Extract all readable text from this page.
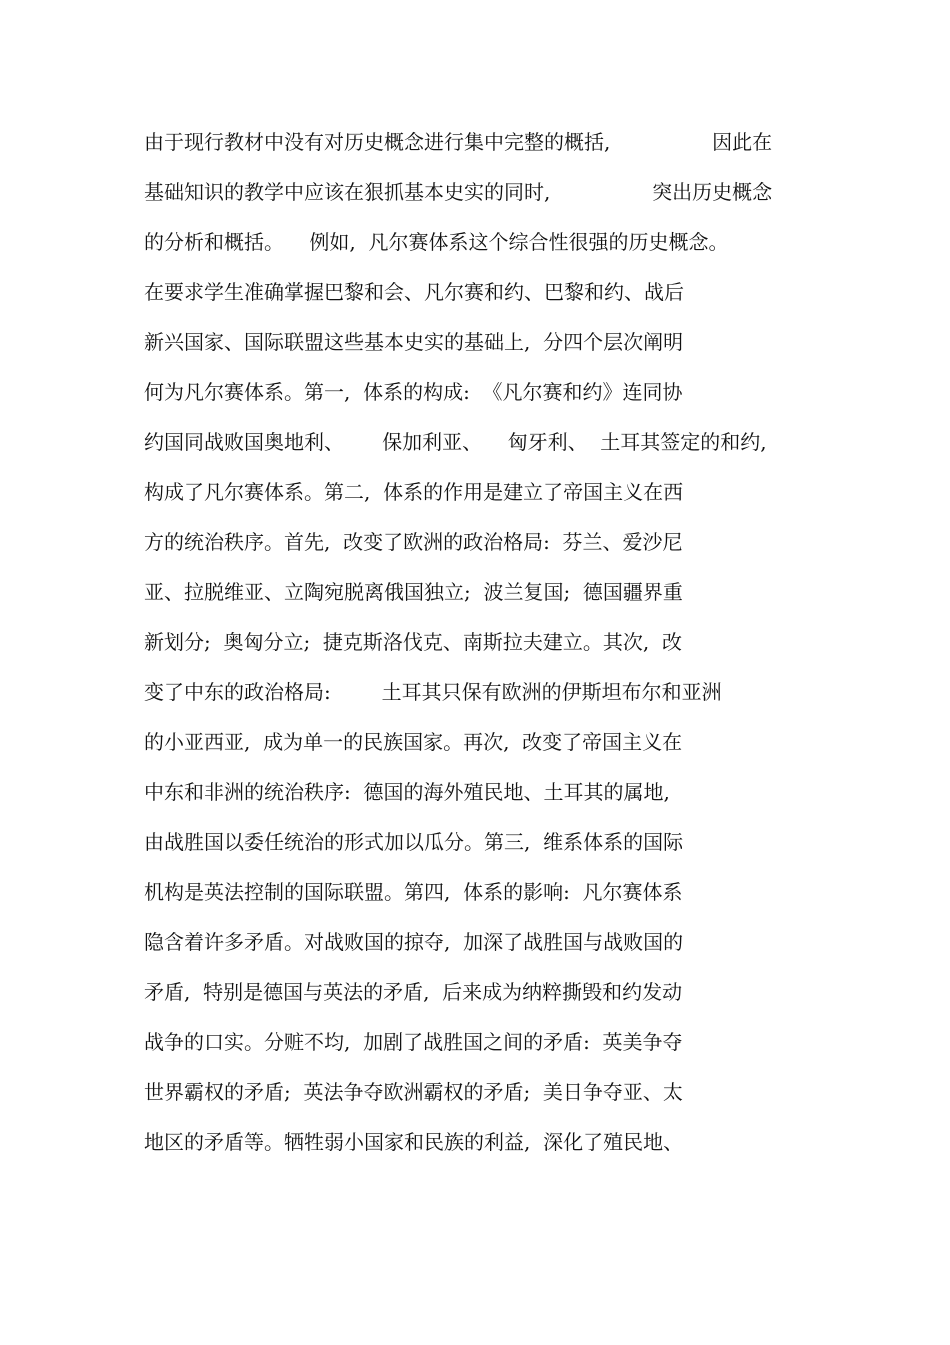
由于现行教材中没有对历史概念进行集中完整的概括,                因此在
基础知识的教学中应该在狠抓基本史实的同时,                突出历史概念
的分析和概括。    例如,  凡尔赛体系这个综合性很强的历史概念。
在要求学生准确掌握巴黎和会、凡尔赛和约、巴黎和约、战后
新兴国家、国际联盟这些基本史实的基础上,  分四个层次阐明
何为凡尔赛体系。第一,  体系的构成:  《凡尔赛和约》连同协
约国同战败国奥地利、      保加利亚、    匈牙利、  土耳其签定的和约,
构成了凡尔赛体系。第二,  体系的作用是建立了帝国主义在西
方的统治秩序。首先,  改变了欧洲的政治格局:  芬兰、爱沙尼
亚、拉脱维亚、立陶宛脱离俄国独立;  波兰复国;  德国疆界重
新划分;  奥匈分立;  捷克斯洛伐克、南斯拉夫建立。其次,  改
变了中东的政治格局:        土耳其只保有欧洲的伊斯坦布尔和亚洲
的小亚西亚,  成为单一的民族国家。再次,  改变了帝国主义在
中东和非洲的统治秩序:  德国的海外殖民地、土耳其的属地,
由战胜国以委任统治的形式加以瓜分。第三,  维系体系的国际
机构是英法控制的国际联盟。第四,  体系的影响:  凡尔赛体系
隐含着许多矛盾。对战败国的掠夺,  加深了战胜国与战败国的
矛盾,  特别是德国与英法的矛盾,  后来成为纳粹撕毁和约发动
战争的口实。分赃不均,  加剧了战胜国之间的矛盾:  英美争夺
世界霸权的矛盾;  英法争夺欧洲霸权的矛盾;  美日争夺亚、太
地区的矛盾等。牺牲弱小国家和民族的利益,  深化了殖民地、
